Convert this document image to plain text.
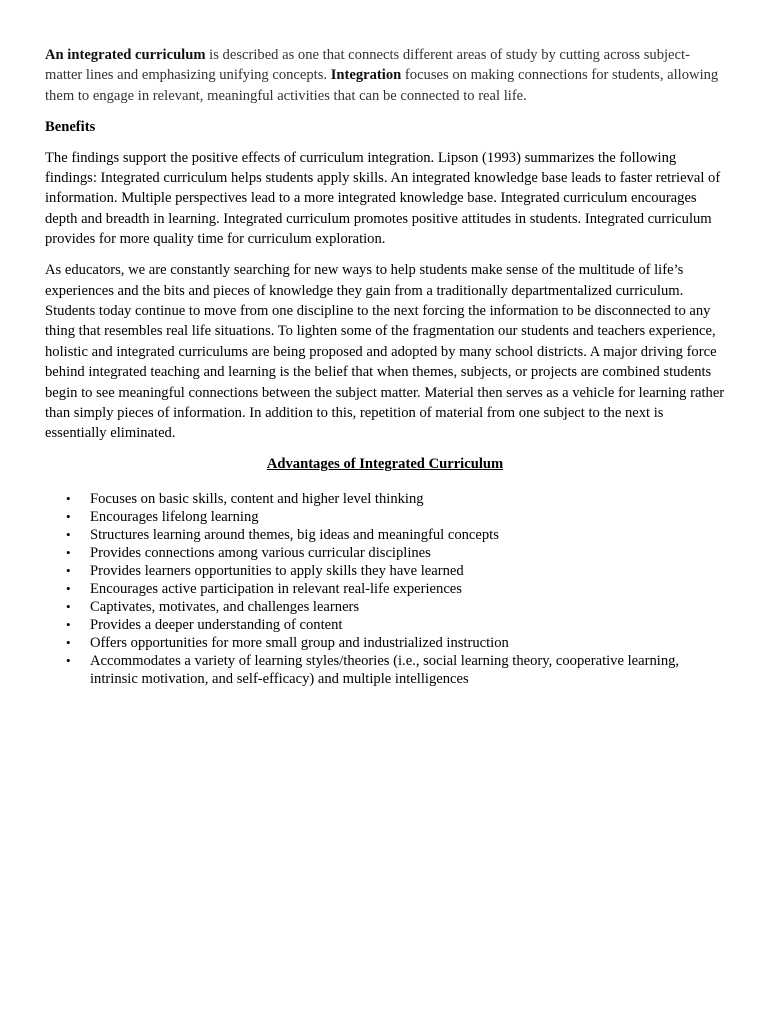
An integrated curriculum is described as one that connects different areas of study by cutting across subject-matter lines and emphasizing unifying concepts. Integration focuses on making connections for students, allowing them to engage in relevant, meaningful activities that can be connected to real life.

Benefits

The findings support the positive effects of curriculum integration. Lipson (1993) summarizes the following findings: Integrated curriculum helps students apply skills. An integrated knowledge base leads to faster retrieval of information. Multiple perspectives lead to a more integrated knowledge base. Integrated curriculum encourages depth and breadth in learning. Integrated curriculum promotes positive attitudes in students. Integrated curriculum provides for more quality time for curriculum exploration.

As educators, we are constantly searching for new ways to help students make sense of the multitude of life’s experiences and the bits and pieces of knowledge they gain from a traditionally departmentalized curriculum. Students today continue to move from one discipline to the next forcing the information to be disconnected to any thing that resembles real life situations. To lighten some of the fragmentation our students and teachers experience, holistic and integrated curriculums are being proposed and adopted by many school districts. A major driving force behind integrated teaching and learning is the belief that when themes, subjects, or projects are combined students begin to see meaningful connections between the subject matter. Material then serves as a vehicle for learning rather than simply pieces of information. In addition to this, repetition of material from one subject to the next is essentially eliminated.

Advantages of Integrated Curriculum

• Focuses on basic skills, content and higher level thinking
• Encourages lifelong learning
• Structures learning around themes, big ideas and meaningful concepts
• Provides connections among various curricular disciplines
• Provides learners opportunities to apply skills they have learned
• Encourages active participation in relevant real-life experiences
• Captivates, motivates, and challenges learners
• Provides a deeper understanding of content
• Offers opportunities for more small group and industrialized instruction
• Accommodates a variety of learning styles/theories (i.e., social learning theory, cooperative learning, intrinsic motivation, and self-efficacy) and multiple intelligences
